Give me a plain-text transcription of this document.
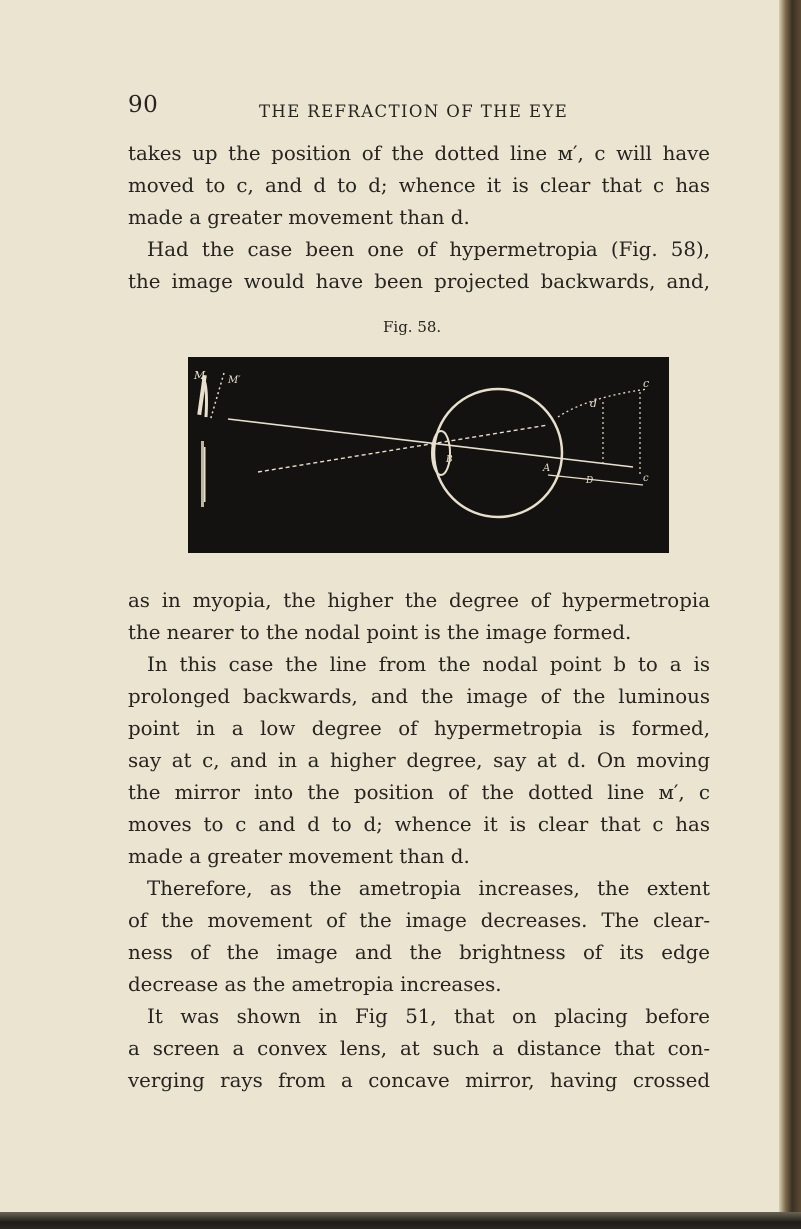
90	THE REFRACTION OF THE EYE
takes up the position of the dotted line м′, c will have
moved to c, and d to d; whence it is clear that c has
made a greater movement than d.
Had the case been one of hypermetropia (Fig. 58),
the image would have been projected backwards, and,
Fig. 58.
M M′
B
A
d
c
D	c
as in myopia, the higher the degree of hypermetropia
the nearer to the nodal point is the image formed.
In this case the line from the nodal point b to a is
prolonged backwards, and the image of the luminous
point in a low degree of hypermetropia is formed,
say at c, and in a higher degree, say at d. On moving
the mirror into the position of the dotted line м′, c
moves to c and d to d; whence it is clear that c has
made a greater movement than d.
Therefore, as the ametropia increases, the extent
of the movement of the image decreases. The clear-
ness of the image and the brightness of its edge
decrease as the ametropia increases.
It was shown in Fig 51, that on placing before
a screen a convex lens, at such a distance that con-
verging rays from a concave mirror, having crossed
